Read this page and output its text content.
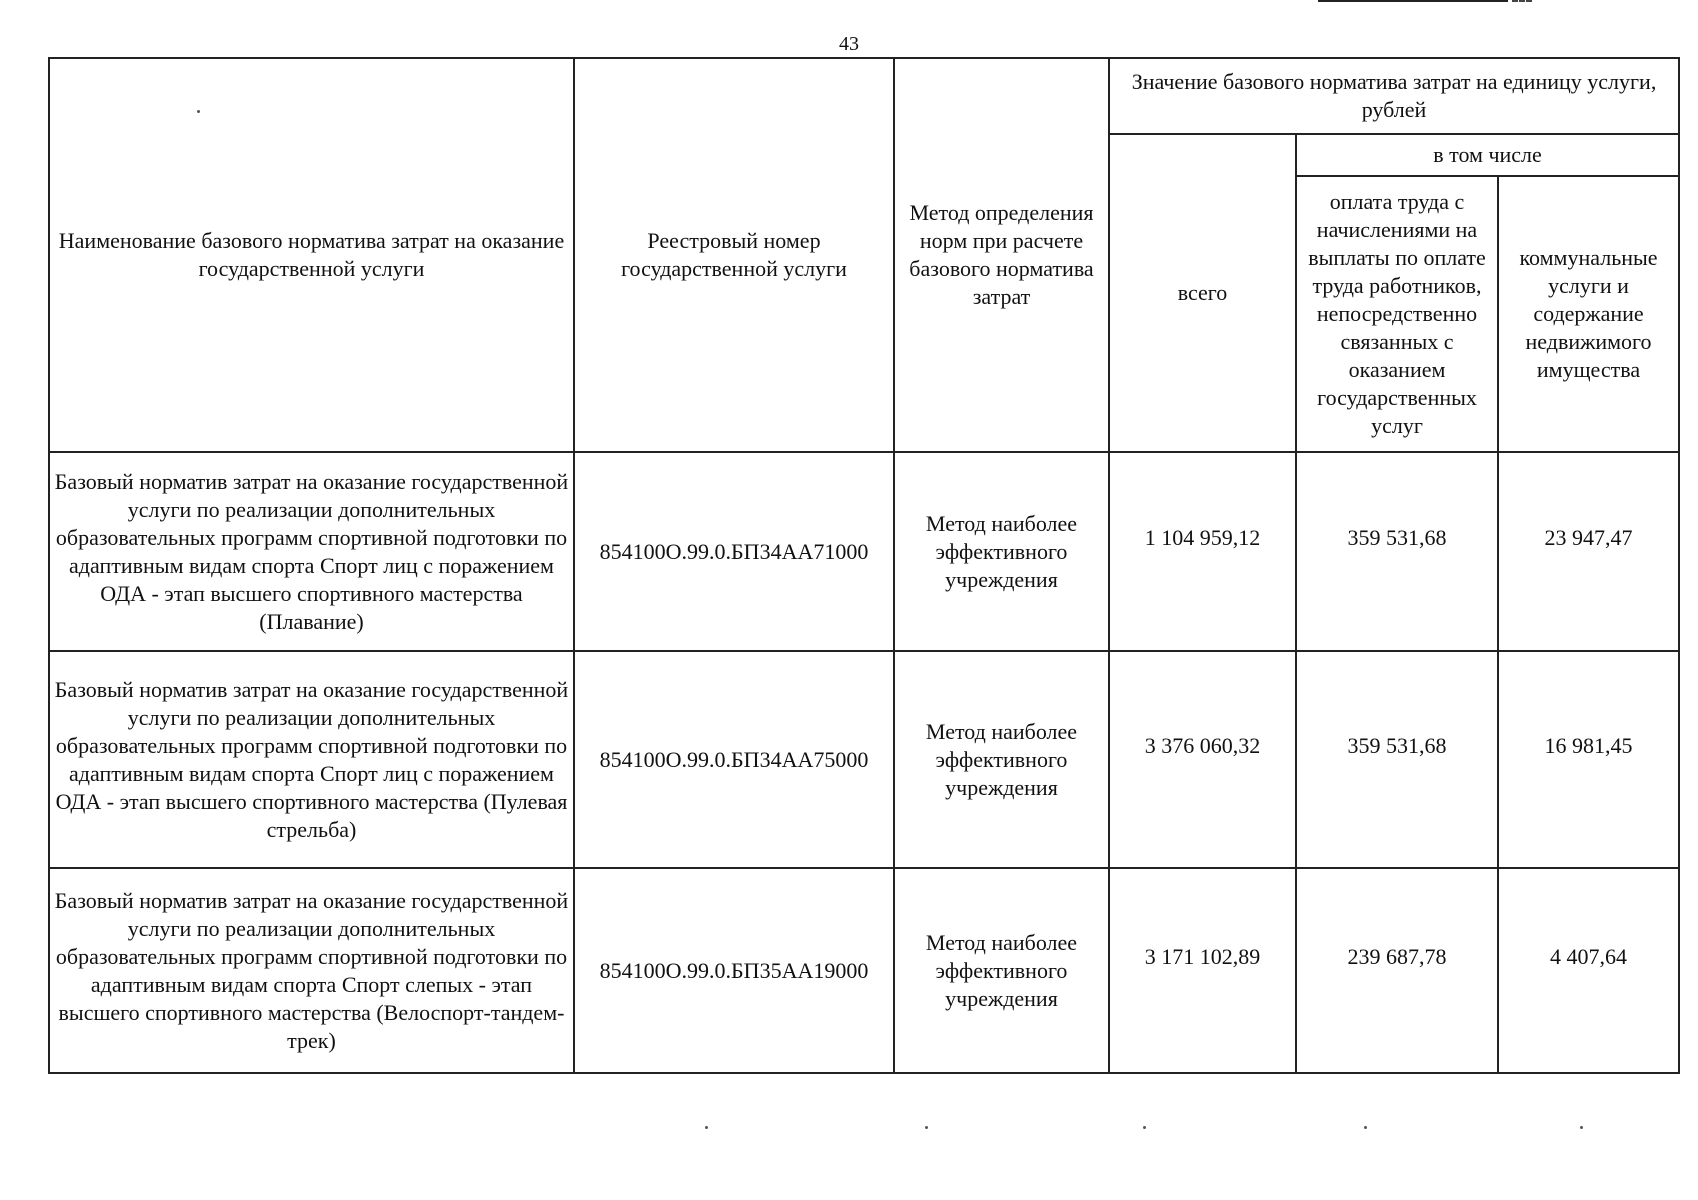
43
Наименование базового норматива затрат на оказание государственной услуги	Реестровый номер государственной услуги	Метод определения норм при расчете базового норматива затрат	Значение базового норматива затрат на единицу услуги, рублей		
			всего	в том числе	
				оплата труда с начислениями на выплаты по оплате труда работников, непосредственно связанных с оказанием государственных услуг	коммунальные услуги и содержание недвижимого имущества
Базовый норматив затрат на оказание государственной услуги по реализации дополнительных образовательных программ спортивной подготовки по адаптивным видам спорта Спорт лиц с поражением ОДА - этап высшего спортивного мастерства (Плавание)	854100О.99.0.БП34АА71000	Метод наиболее эффективного учреждения	1 104 959,12	359 531,68	23 947,47
Базовый норматив затрат на оказание государственной услуги по реализации дополнительных образовательных программ спортивной подготовки по адаптивным видам спорта Спорт лиц с поражением ОДА - этап высшего спортивного мастерства (Пулевая стрельба)	854100О.99.0.БП34АА75000	Метод наиболее эффективного учреждения	3 376 060,32	359 531,68	16 981,45
Базовый норматив затрат на оказание государственной услуги по реализации дополнительных образовательных программ спортивной подготовки по адаптивным видам спорта Спорт слепых - этап высшего спортивного мастерства (Велоспорт-тандем-трек)	854100О.99.0.БП35АА19000	Метод наиболее эффективного учреждения	3 171 102,89	239 687,78	4 407,64
